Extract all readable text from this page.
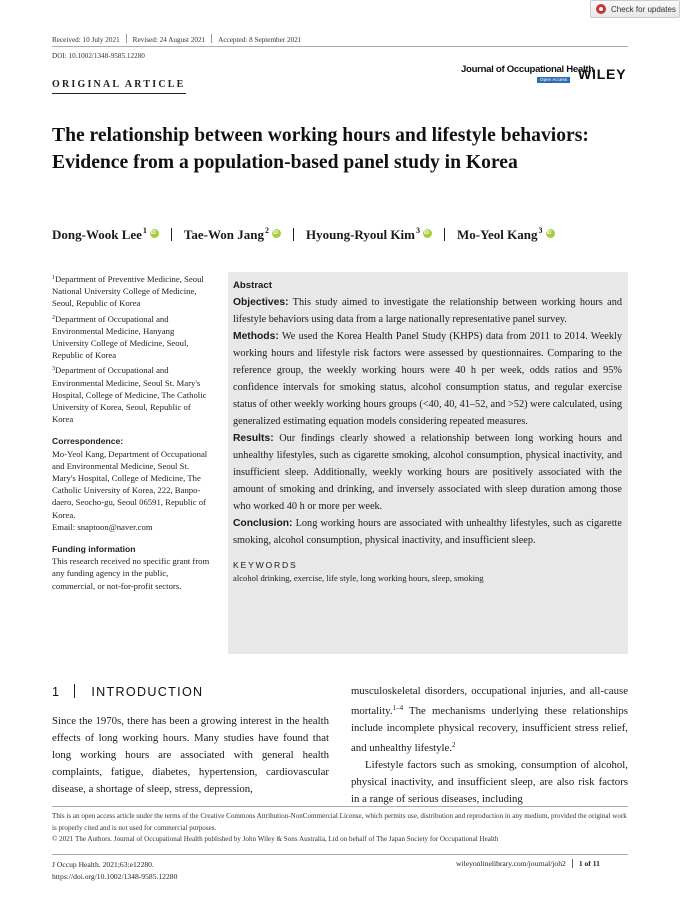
Check for updates
Received: 10 July 2021 Revised: 24 August 2021 Accepted: 8 September 2021
DOI: 10.1002/1348-9585.12280
ORIGINAL ARTICLE
Journal of Occupational Health
Open Access WILEY
The relationship between working hours and lifestyle behaviors: Evidence from a population-based panel study in Korea
Dong-Wook Lee$^1$ iD	Tae-Won Jang$^2$ iD	Hyoung-Ryoul Kim$^3$ iD	Mo-Yeol Kang$^3$iD
$^1$Department of Preventive Medicine, Seoul National University College of Medicine, Seoul, Republic of Korea
$^2$Department of Occupational and Environmental Medicine, Hanyang University College of Medicine, Seoul, Republic of Korea
$^3$Department of Occupational and Environmental Medicine, Seoul St. Mary's Hospital, College of Medicine, The Catholic University of Korea, Seoul, Republic of Korea
Correspondence:
Mo-Yeol Kang, Department of Occupational and Environmental Medicine, Seoul St. Mary's Hospital, College of Medicine, The Catholic University of Korea, 222, Banpo-daero, Seocho-gu, Seoul 06591, Republic of Korea.
Email: snaptoon@naver.com
Funding information
This research received no specific grant from any funding agency in the public, commercial, or not-for-profit sectors.
Abstract

Objectives: This study aimed to investigate the relationship between working hours and lifestyle behaviors using data from a large nationally representative panel survey.

Methods: We used the Korea Health Panel Study (KHPS) data from 2011 to 2014. Weekly working hours and lifestyle risk factors were assessed by questionnaires. Comparing to the reference group, the weekly working hours were 40 h per week, odds ratios and 95% confidence intervals for smoking status, alcohol consumption status, and regular exercise status of other weekly working hours groups (<40, 40, 41–52, and >52) were calculated, using generalized estimating equation models considering repeated measures.

Results: Our findings clearly showed a relationship between long working hours and unhealthy lifestyles, such as cigarette smoking, alcohol consumption, physical inactivity, and insufficient sleep. Additionally, weekly working hours are positively associated with the amount of smoking and drinking, and inversely associated with sleep duration among those who worked 40 h or more per week.

Conclusion: Long working hours are associated with unhealthy lifestyles, such as cigarette smoking, alcohol consumption, physical inactivity, and insufficient sleep.

KEYWORDS
alcohol drinking, exercise, life style, long working hours, sleep, smoking
1 INTRODUCTION

Since the 1970s, there has been a growing interest in the health effects of long working hours. Many studies have found that long working hours are associated with general health complaints, fatigue, diabetes, hypertension, cardiovascular disease, a shortage of sleep, stress, depression,

musculoskeletal disorders, occupational injuries, and all-cause mortality.$^{1-4}$ The mechanisms underlying these relationships include incomplete physical recovery, insufficient stress relief, and unhealthy lifestyle.$^2$

Lifestyle factors such as smoking, consumption of alcohol, physical inactivity, and insufficient sleep, are also risk factors in a range of serious diseases, including

This is an open access article under the terms of the Creative Commons Attribution-NonCommercial License, which permits use, distribution and reproduction in any medium, provided the original work is properly cited and is not used for commercial purposes.
© 2021 The Authors. Journal of Occupational Health published by John Wiley & Sons Australia, Ltd on behalf of The Japan Society for Occupational Health
J Occup Health. 2021;63:e12280.
https://doi.org/10.1002/1348-9585.12280
wileyonlinelibrary.com/journal/joh2 1 of 11
